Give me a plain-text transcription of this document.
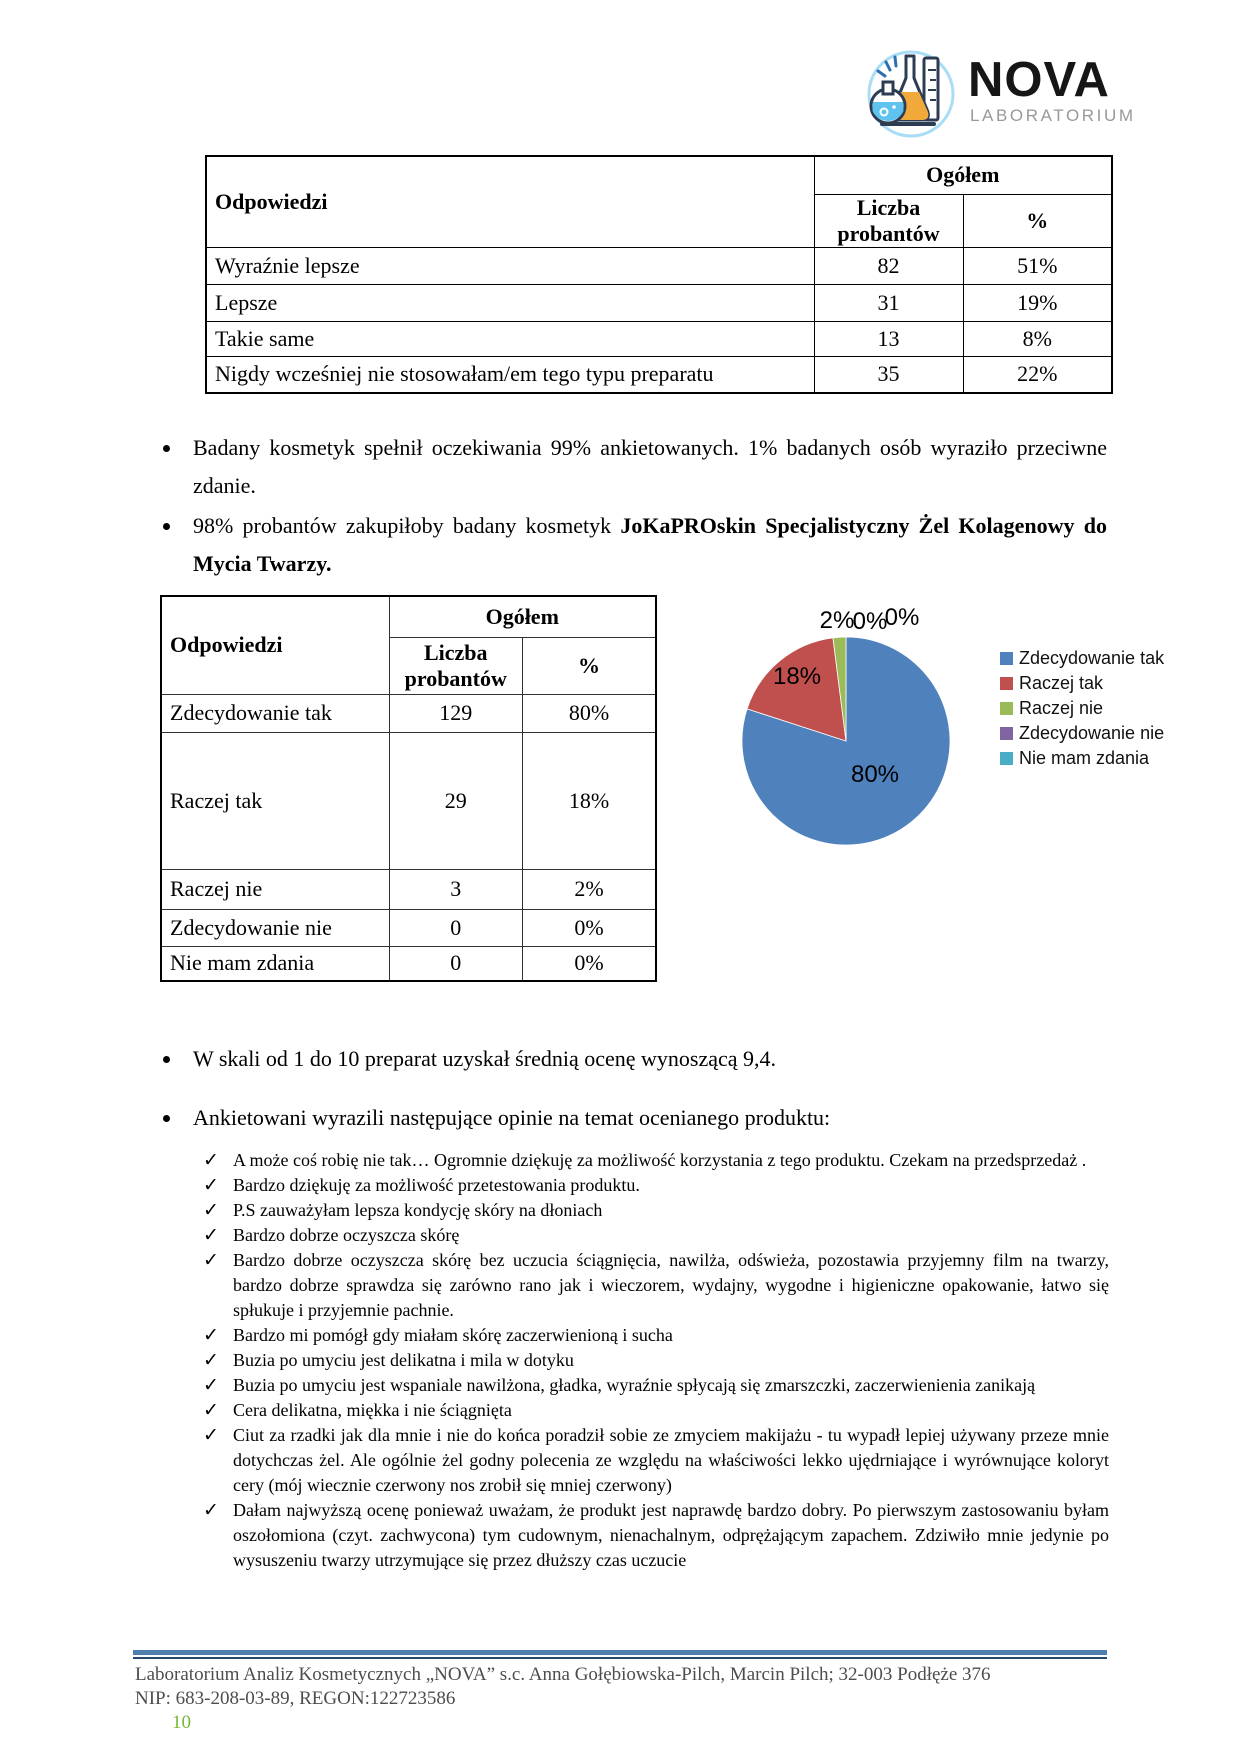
NOVA
LABORATORIUM
Odpowiedzi	Ogółem	
	Liczba probantów	%
Wyraźnie lepsze	82	51%
Lepsze	31	19%
Takie same	13	8%
Nigdy wcześniej nie stosowałam/em tego typu preparatu	35	22%

Badany kosmetyk spełnił oczekiwania 99% ankietowanych. 1% badanych osób wyraziło przeciwne zdanie.

98% probantów zakupiłoby badany kosmetyk JoKaPROskin Specjalistyczny Żel Kolagenowy do Mycia Twarzy.

Odpowiedzi	Ogółem	
	Liczba probantów	%
Zdecydowanie tak	129	80%
Raczej tak	29	18%
Raczej nie	3	2%
Zdecydowanie nie	0	0%
Nie mam zdania	0	0%
80%
18%
2%
0%
0%
Zdecydowanie tak
Raczej tak
Raczej nie
Zdecydowanie nie
Nie mam zdania

W skali od 1 do 10 preparat uzyskał średnią ocenę wynoszącą 9,4.

Ankietowani wyrazili następujące opinie na temat ocenianego produktu:

✓
A może coś robię nie tak… Ogromnie dziękuję za możliwość korzystania z tego produktu. Czekam na przedsprzedaż .
✓
Bardzo dziękuję za możliwość przetestowania produktu.
✓
P.S zauważyłam lepsza kondycję skóry na dłoniach
✓
Bardzo dobrze oczyszcza skórę
✓
Bardzo dobrze oczyszcza skórę bez uczucia ściągnięcia, nawilża, odświeża, pozostawia przyjemny film na twarzy, bardzo dobrze sprawdza się zarówno rano jak i wieczorem, wydajny, wygodne i higieniczne opakowanie, łatwo się spłukuje i przyjemnie pachnie.
✓
Bardzo mi pomógł gdy miałam skórę zaczerwienioną i sucha
✓
Buzia po umyciu jest delikatna i mila w dotyku
✓
Buzia po umyciu jest wspaniale nawilżona, gładka, wyraźnie spłycają się zmarszczki, zaczerwienienia zanikają
✓
Cera delikatna, miękka i nie ściągnięta
✓
Ciut za rzadki jak dla mnie i nie do końca poradził sobie ze zmyciem makijażu - tu wypadł lepiej używany przeze mnie dotychczas żel. Ale ogólnie żel godny polecenia ze względu na właściwości lekko ujędrniające i wyrównujące koloryt cery (mój wiecznie czerwony nos zrobił się mniej czerwony)
✓
Dałam najwyższą ocenę ponieważ uważam, że produkt jest naprawdę bardzo dobry. Po pierwszym zastosowaniu byłam oszołomiona (czyt. zachwycona) tym cudownym, nienachalnym, odprężającym zapachem. Zdziwiło mnie jedynie po wysuszeniu twarzy utrzymujące się przez dłuższy czas uczucie
Laboratorium Analiz Kosmetycznych „NOVA” s.c. Anna Gołębiowska-Pilch, Marcin Pilch; 32-003 Podłęże 376
NIP: 683-208-03-89, REGON:122723586
10
